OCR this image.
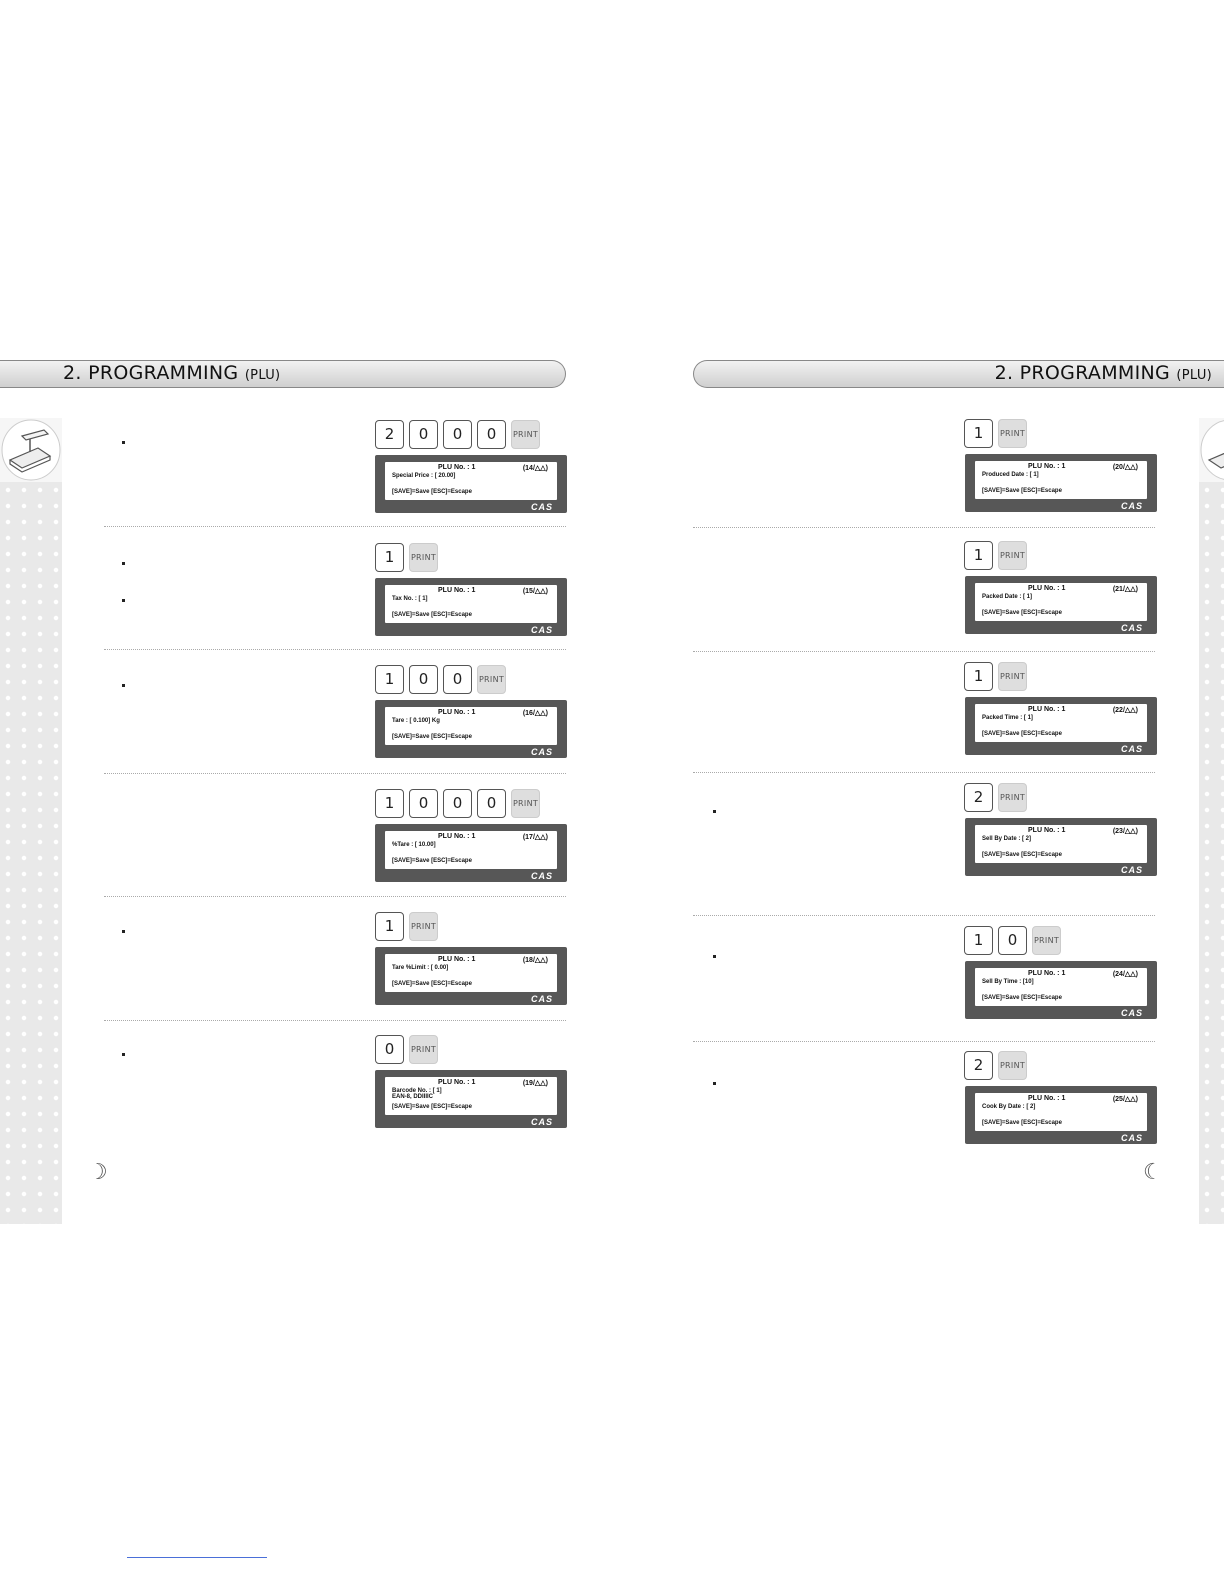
2. PROGRAMMING (PLU)	2. PROGRAMMING (PLU)
2	0	0	0	PRINT
PLU No. : 1	(14/△△)
Special Price : [ 20.00]
[SAVE]=Save [ESC]=Escape
CAS
1	PRINT
PLU No. : 1	(15/△△)
Tax No. : [ 1]
[SAVE]=Save [ESC]=Escape
CAS
1	0	0	PRINT
PLU No. : 1	(16/△△)
Tare : [ 0.100] Kg
[SAVE]=Save [ESC]=Escape
CAS
1	0	0	0	PRINT
PLU No. : 1	(17/△△)
%Tare : [ 10.00]
[SAVE]=Save [ESC]=Escape
CAS
1	PRINT
PLU No. : 1	(18/△△)
Tare %Limit : [ 0.00]
[SAVE]=Save [ESC]=Escape
CAS
0	PRINT
PLU No. : 1	(19/△△)
Barcode No. : [ 1]
EAN-8, DDIIIIC
[SAVE]=Save [ESC]=Escape
CAS
1	PRINT
PLU No. : 1	(20/△△)
Produced Date : [ 1]
[SAVE]=Save [ESC]=Escape
CAS
1	PRINT
PLU No. : 1	(21/△△)
Packed Date : [ 1]
[SAVE]=Save [ESC]=Escape
CAS
1	PRINT
PLU No. : 1	(22/△△)
Packed Time : [ 1]
[SAVE]=Save [ESC]=Escape
CAS
2	PRINT
PLU No. : 1	(23/△△)
Sell By Date : [ 2]
[SAVE]=Save [ESC]=Escape
CAS
1	0	PRINT
PLU No. : 1	(24/△△)
Sell By Time : [10]
[SAVE]=Save [ESC]=Escape
CAS
2	PRINT
PLU No. : 1	(25/△△)
Cook By Date : [ 2]
[SAVE]=Save [ESC]=Escape
CAS
☽	☾
